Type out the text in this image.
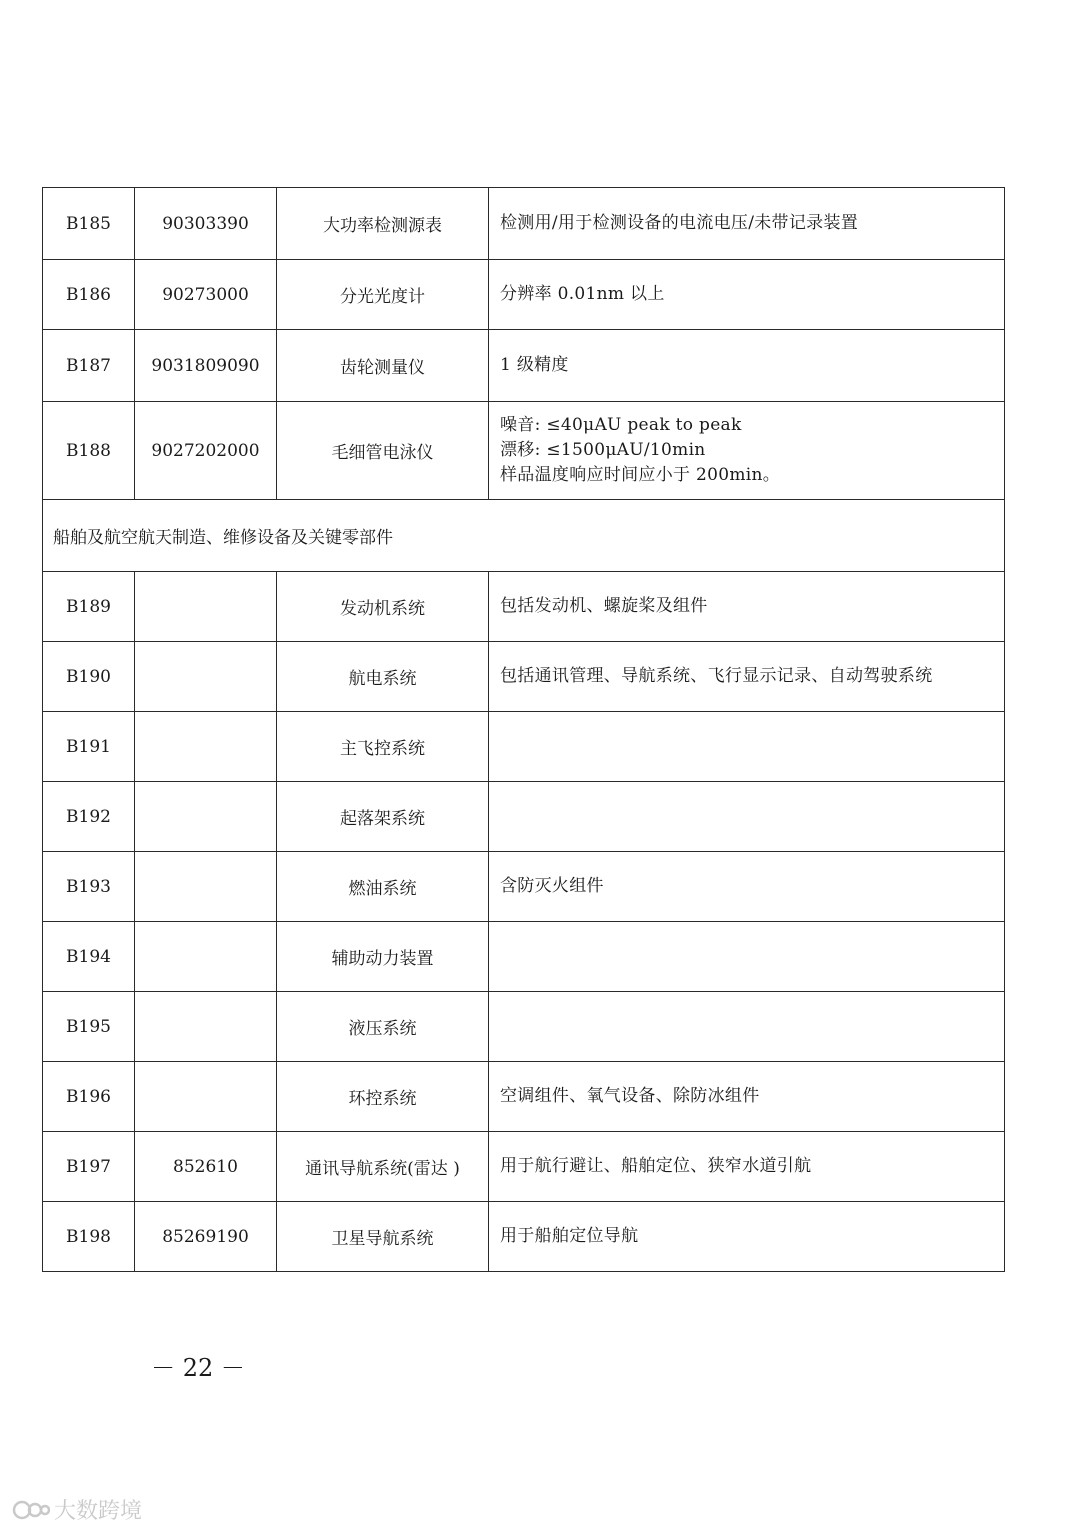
B185	90303390	大功率检测源表	检测用/用于检测设备的电流电压/未带记录装置

B186	90273000	分光光度计	分辨率 0.01nm 以上

B187	9031809090	齿轮测量仪	1 级精度

B188	9027202000	毛细管电泳仪	噪音: ≤40μAU peak to peak
漂移: ≤1500μAU/10min
样品温度响应时间应小于 200min。

船舶及航空航天制造、维修设备及关键零部件			
B189		发动机系统	包括发动机、螺旋桨及组件

B190		航电系统	包括通讯管理、导航系统、飞行显示记录、自动驾驶系统

B191		主飞控系统	
B192		起落架系统	
B193		燃油系统	含防灭火组件

B194		辅助动力装置	
B195		液压系统	
B196		环控系统	空调组件、氧气设备、除防冰组件

B197	852610	通讯导航系统(雷达 )	用于航行避让、船舶定位、狭窄水道引航

B198	85269190	卫星导航系统	用于船舶定位导航
－ 22 －
大数跨境
